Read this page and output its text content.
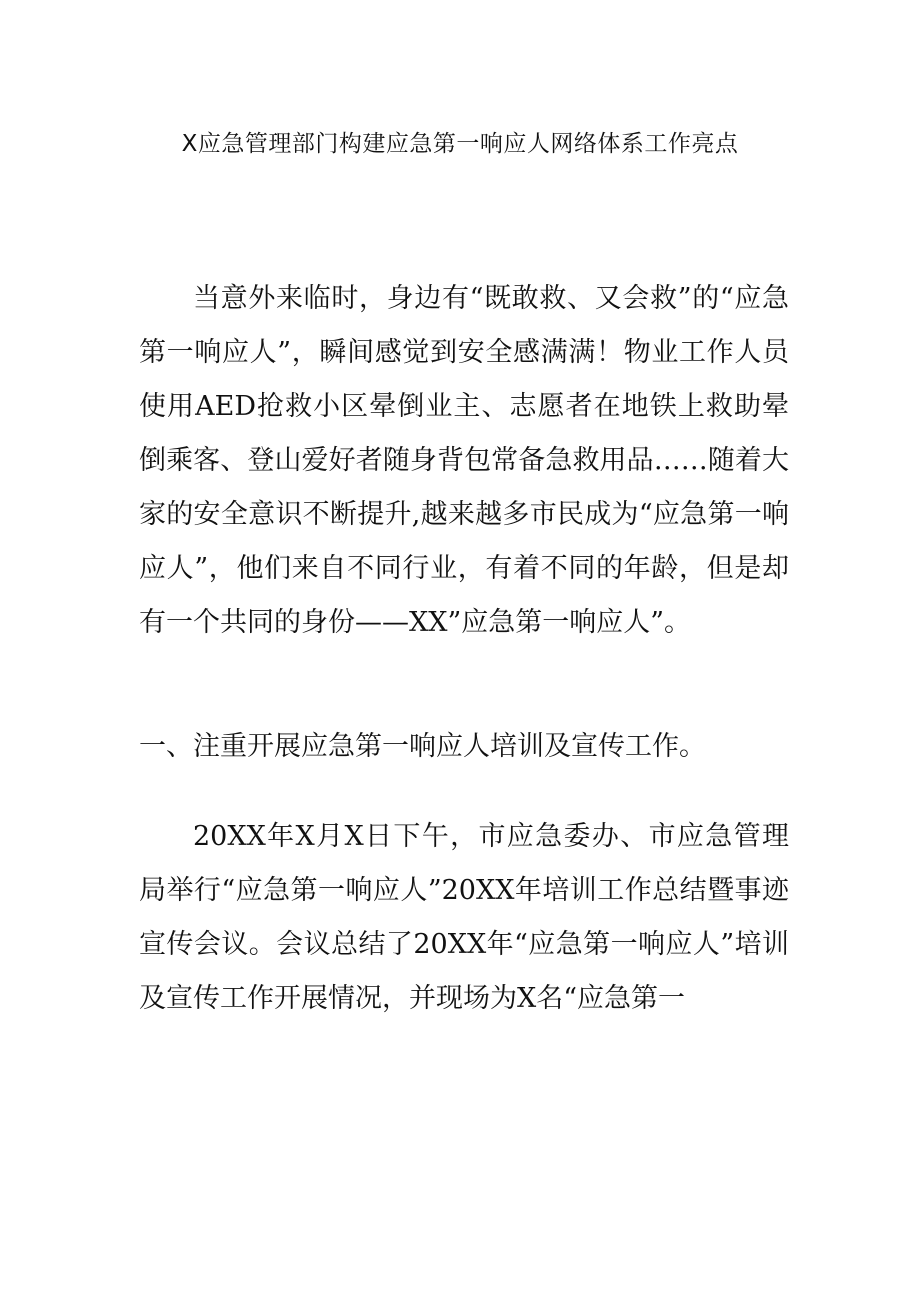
X应急管理部门构建应急第一响应人网络体系工作亮点

当意外来临时，身边有“既敢救、又会救”的“应急第一响应人”，瞬间感觉到安全感满满！物业工作人员使用AED抢救小区晕倒业主、志愿者在地铁上救助晕倒乘客、登山爱好者随身背包常备急救用品……随着大家的安全意识不断提升,越来越多市民成为“应急第一响应人”，他们来自不同行业，有着不同的年龄，但是却有一个共同的身份——XX”应急第一响应人”。

一、注重开展应急第一响应人培训及宣传工作。

20XX年X月X日下午，市应急委办、市应急管理局举行“应急第一响应人”20XX年培训工作总结暨事迹宣传会议。会议总结了20XX年“应急第一响应人”培训及宣传工作开展情况，并现场为X名“应急第一
